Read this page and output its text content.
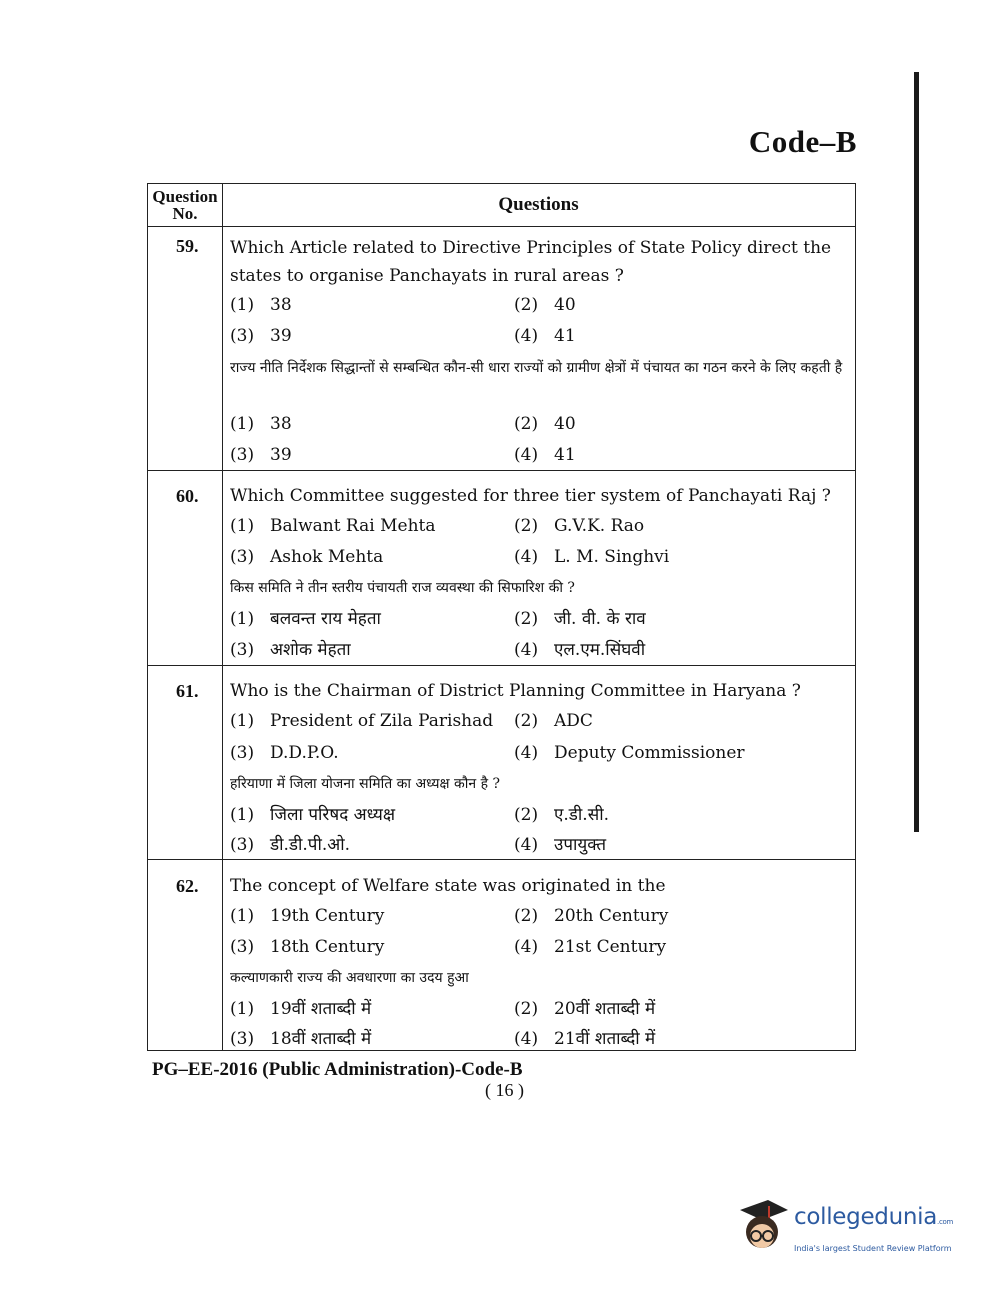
Code–B
Question No.	Questions
59. Which Article related to Directive Principles of State Policy direct the states to organise Panchayats in rural areas ?
(1) 38	(2) 40
(3) 39	(4) 41
राज्य नीति निर्देशक सिद्धान्तों से सम्बन्धित कौन-सी धारा राज्यों को ग्रामीण क्षेत्रों में पंचायत का गठन करने के लिए कहती है
(1) 38	(2) 40
(3) 39	(4) 41
60. Which Committee suggested for three tier system of Panchayati Raj ?
(1) Balwant Rai Mehta	(2) G.V.K. Rao
(3) Ashok Mehta	(4) L. M. Singhvi
किस समिति ने तीन स्तरीय पंचायती राज व्यवस्था की सिफारिश की ?
(1) बलवन्त राय मेहता	(2) जी. वी. के राव
(3) अशोक मेहता	(4) एल.एम.सिंघवी
61. Who is the Chairman of District Planning Committee in Haryana ?
(1) President of Zila Parishad (2) ADC
(3) D.D.P.O.	(4) Deputy Commissioner
हरियाणा में जिला योजना समिति का अध्यक्ष कौन है ?
(1) जिला परिषद अध्यक्ष	(2) ए.डी.सी.
(3) डी.डी.पी.ओ.	(4) उपायुक्त
62. The concept of Welfare state was originated in the
(1) 19th Century	(2) 20th Century
(3) 18th Century	(4) 21st Century
कल्याणकारी राज्य की अवधारणा का उदय हुआ
(1) 19वीं शताब्दी में	(2) 20वीं शताब्दी में
(3) 18वीं शताब्दी में	(4) 21वीं शताब्दी में
PG–EE-2016 (Public Administration)-Code-B
( 16 )
collegedunia.com
India's largest Student Review Platform
